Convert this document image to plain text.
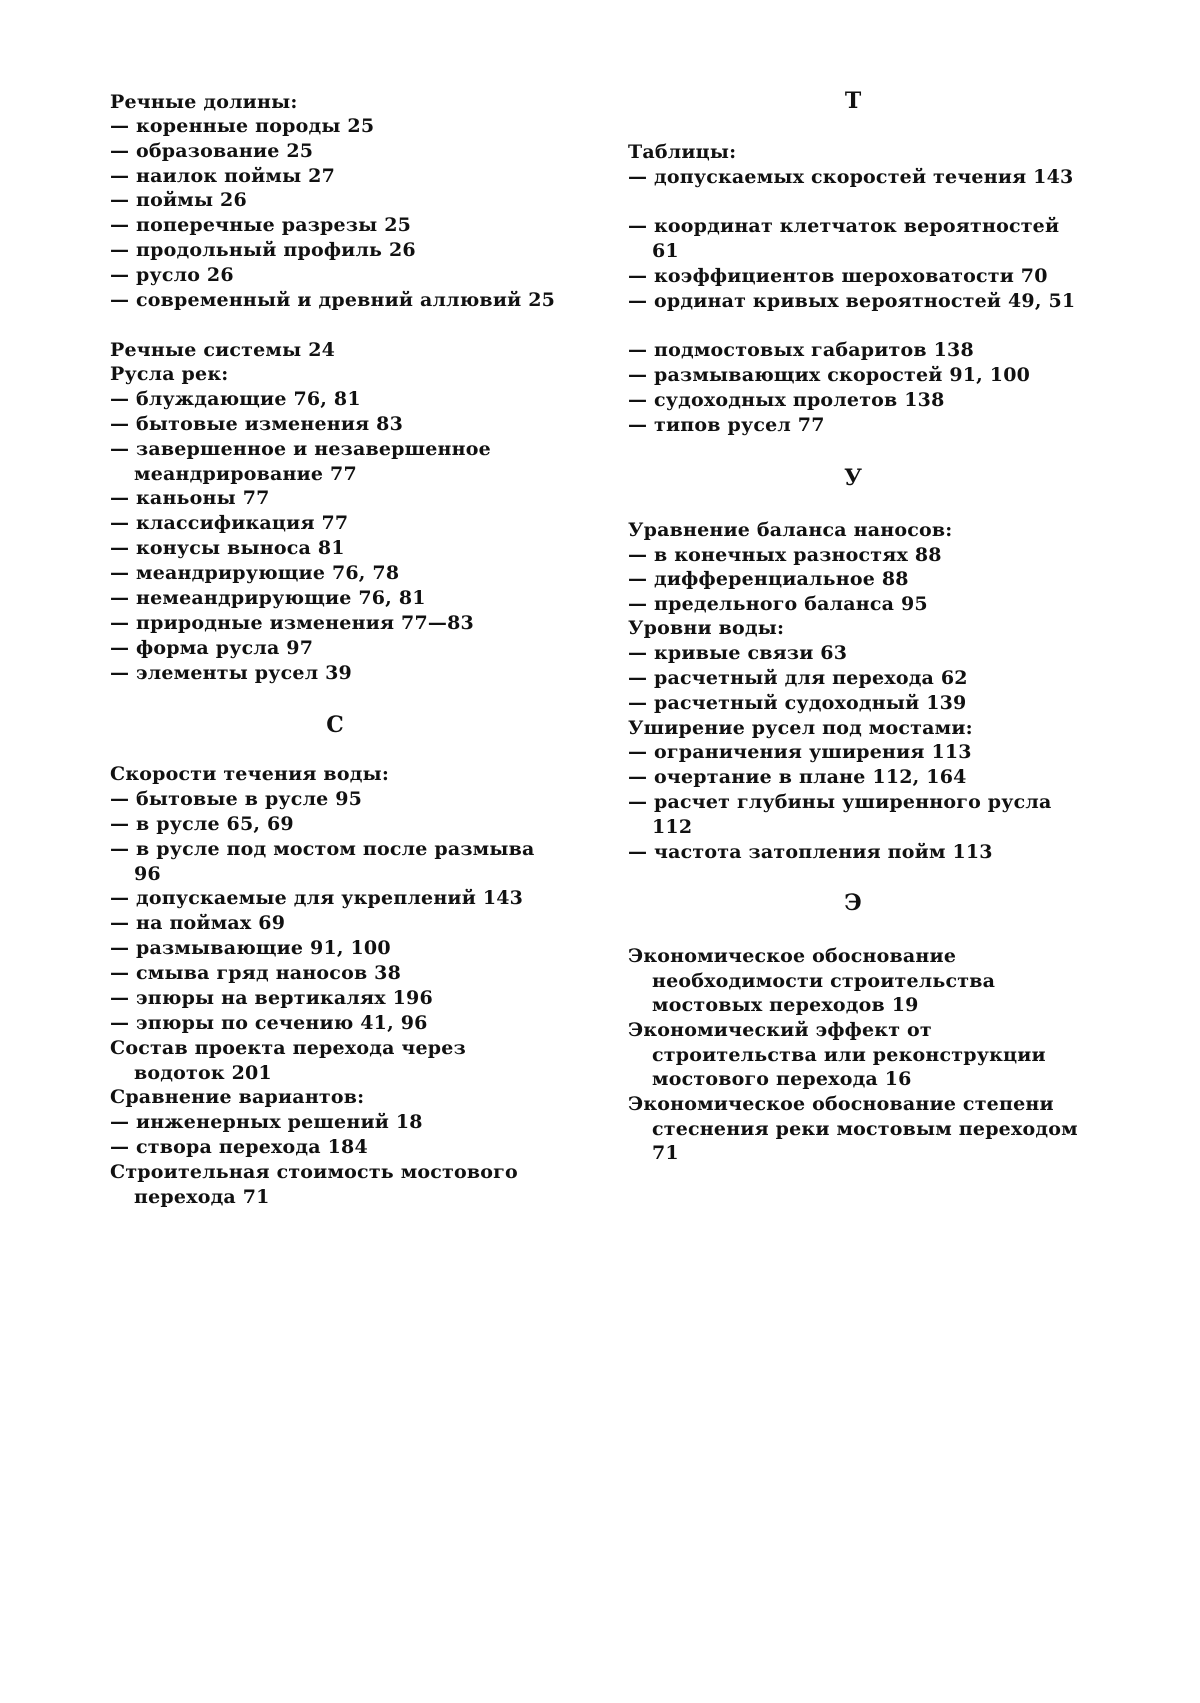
Речные долины:
— коренные породы 25
— образование 25
— наилок поймы 27
— поймы 26
— поперечные разрезы 25
— продольный профиль 26
— русло 26
— современный и древний аллювий 25
Речные системы 24
Русла рек:
— блуждающие 76, 81
— бытовые изменения 83
— завершенное и незавершенное меандрирование 77
— каньоны 77
— классификация 77
— конусы выноса 81
— меандрирующие 76, 78
— немеандрирующие 76, 81
— природные изменения 77—83
— форма русла 97
— элементы русел 39
С
Скорости течения воды:
— бытовые в русле 95
— в русле 65, 69
— в русле под мостом после размыва 96
— допускаемые для укреплений 143
— на поймах 69
— размывающие 91, 100
— смыва гряд наносов 38
— эпюры на вертикалях 196
— эпюры по сечению 41, 96
Состав проекта перехода через водоток 201
Сравнение вариантов:
— инженерных решений 18
— створа перехода 184
Строительная стоимость мостового перехода 71
Т
Таблицы:
— допускаемых скоростей течения 143
— координат клетчаток вероятностей 61
— коэффициентов шероховатости 70
— ординат кривых вероятностей 49, 51
— подмостовых габаритов 138
— размывающих скоростей 91, 100
— судоходных пролетов 138
— типов русел 77
У
Уравнение баланса наносов:
— в конечных разностях 88
— дифференциальное 88
— предельного баланса 95
Уровни воды:
— кривые связи 63
— расчетный для перехода 62
— расчетный судоходный 139
Уширение русел под мостами:
— ограничения уширения 113
— очертание в плане 112, 164
— расчет глубины уширенного русла 112
— частота затопления пойм 113
Э
Экономическое обоснование необходимости строительства мостовых переходов 19
Экономический эффект от строительства или реконструкции мостового перехода 16
Экономическое обоснование степени стеснения реки мостовым переходом 71
